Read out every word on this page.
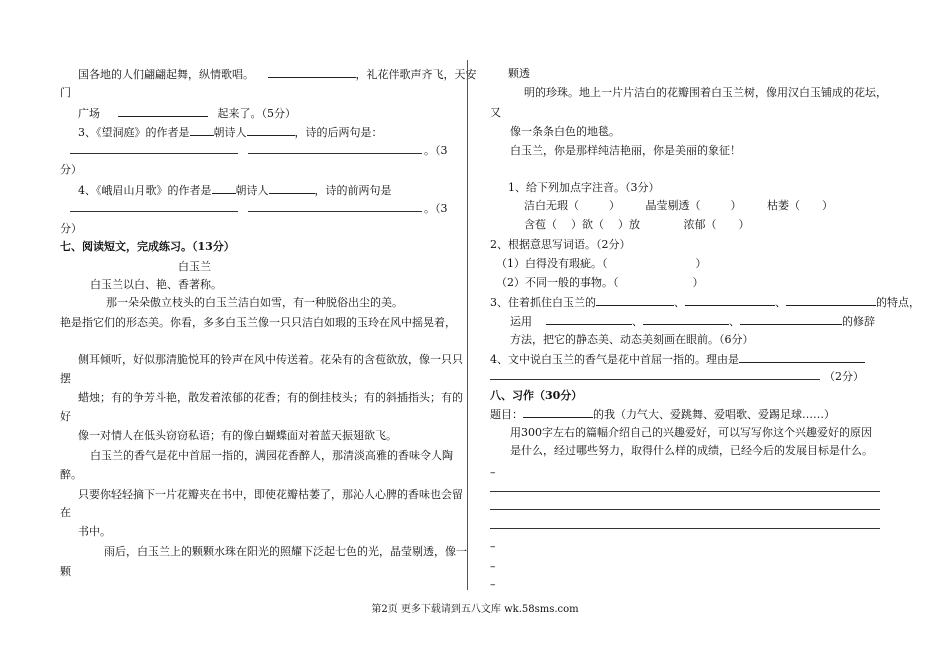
国各地的人们翩翩起舞，纵情歌唱。	，礼花伴歌声齐飞，天安
门
广场	起来了。（5分）
3、《望洞庭》的作者是 朝诗人	，诗的后两句是：
。（3
分）
4、《峨眉山月歌》的作者是 朝诗人	，诗的前两句是
。（3
分）
七、阅读短文，完成练习。（13分）
白玉兰
白玉兰以白、艳、香著称。
那一朵朵傲立枝头的白玉兰洁白如雪，有一种脱俗出尘的美。
艳是指它们的形态美。你看，多多白玉兰像一只只洁白如瑕的玉玲在风中摇晃着，
侧耳倾听，好似那清脆悦耳的铃声在风中传送着。花朵有的含苞欲放，像一只只
摆
蜡烛；有的争芳斗艳，散发着浓郁的花香；有的倒挂枝头；有的斜插指头；有的
好
像一对情人在低头窃窃私语；有的像白蝴蝶面对着蓝天振翅欲飞。
白玉兰的香气是花中首屈一指的，满园花香醉人，那清淡高雅的香味令人陶
醉。
只要你轻轻摘下一片花瓣夹在书中，即使花瓣枯萎了，那沁人心脾的香味也会留
在
书中。
雨后，白玉兰上的颗颗水珠在阳光的照耀下泛起七色的光，晶莹剔透，像一
颗
颗透
明的珍珠。地上一片片洁白的花瓣围着白玉兰树，像用汉白玉铺成的花坛，
又
像一条条白色的地毯。
白玉兰，你是那样纯洁艳丽，你是美丽的象征！
1、给下列加点字注音。（3分）
洁白无瑕（	） 晶莹剔透（	） 枯萎（ ）
含苞（ ）欲（ ）放	浓郁（ ）
2、根据意思写词语。（2分）
（1）白得没有瑕疵。（	）
（2）不同一般的事物。（	）
3、住着抓住白玉兰的	、	、	的特点，
运用	、	、	的修辞
方法，把它的静态美、动态美刻画在眼前。（6分）
4、文中说白玉兰的香气是花中首屈一指的。理由是
（2分）
八、习作（30分）
题目：	的我（力气大、爱跳舞、爱唱歌、爱踢足球……）
用300字左右的篇幅介绍自己的兴趣爱好，可以写写你这个兴趣爱好的原因
是什么，经过哪些努力，取得什么样的成绩，已经今后的发展目标是什么。
–
–
–
–
第2页 更多下载请到五八文库 wk.58sms.com
